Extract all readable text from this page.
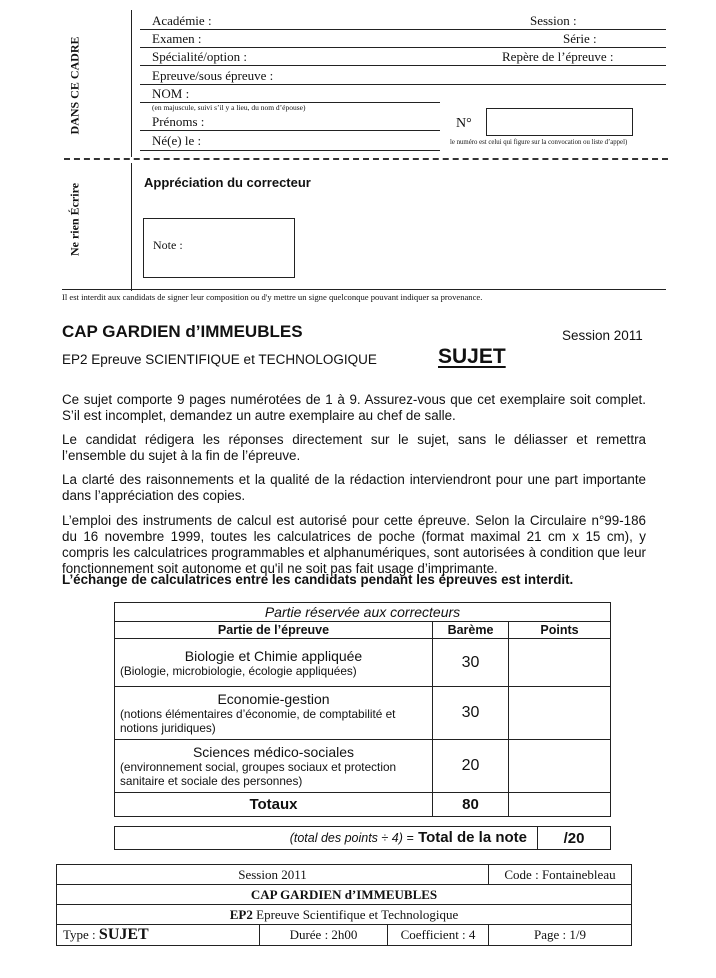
DANS CE CADRE
Ne rien Écrire
Académie :	Session :
Examen :	Série :
Spécialité/option :	Repère de l’épreuve :
Epreuve/sous épreuve :
NOM :
(en majuscule, suivi s’il y a lieu, du nom d’épouse)
Prénoms :	N°
Né(e) le :	le numéro est celui qui figure sur la convocation ou liste d’appel)
Appréciation du correcteur
Note :
Il est interdit aux candidats de signer leur composition ou d'y mettre un signe quelconque pouvant indiquer sa provenance.
CAP GARDIEN d’IMMEUBLES	Session 2011
EP2 Epreuve SCIENTIFIQUE et TECHNOLOGIQUE	SUJET
Ce sujet comporte 9 pages numérotées de 1 à 9. Assurez-vous que cet exemplaire soit complet. S’il est incomplet, demandez un autre exemplaire au chef de salle.
Le candidat rédigera les réponses directement sur le sujet, sans le déliasser et remettra l’ensemble du sujet à la fin de l’épreuve.
La clarté des raisonnements et la qualité de la rédaction interviendront pour une part importante dans l’appréciation des copies.
L’emploi des instruments de calcul est autorisé pour cette épreuve. Selon la Circulaire n°99-186 du 16 novembre 1999, toutes les calculatrices de poche (format maximal 21 cm x 15 cm), y compris les calculatrices programmables et alphanumériques, sont autorisées à condition que leur fonctionnement soit autonome et qu'il ne soit pas fait usage d’imprimante.
L’échange de calculatrices entre les candidats pendant les épreuves est interdit.
Partie réservée aux correcteurs		
Partie de l’épreuve	Barème	Points

Biologie et Chimie appliquée
(Biologie, microbiologie, écologie appliquées)	30	

Economie-gestion
(notions élémentaires d’économie, de comptabilité et notions juridiques)	30	

Sciences médico-sociales
(environnement social, groupes sociaux et protection sanitaire et sociale des personnes)	20	
Totaux	80	
(total des points ÷ 4) = Total de la note	/20
Session 2011			Code : Fontainebleau
CAP GARDIEN d’IMMEUBLES			
EP2 Epreuve Scientifique et Technologique			
Type : SUJET	Durée : 2h00	Coefficient : 4	Page : 1/9
